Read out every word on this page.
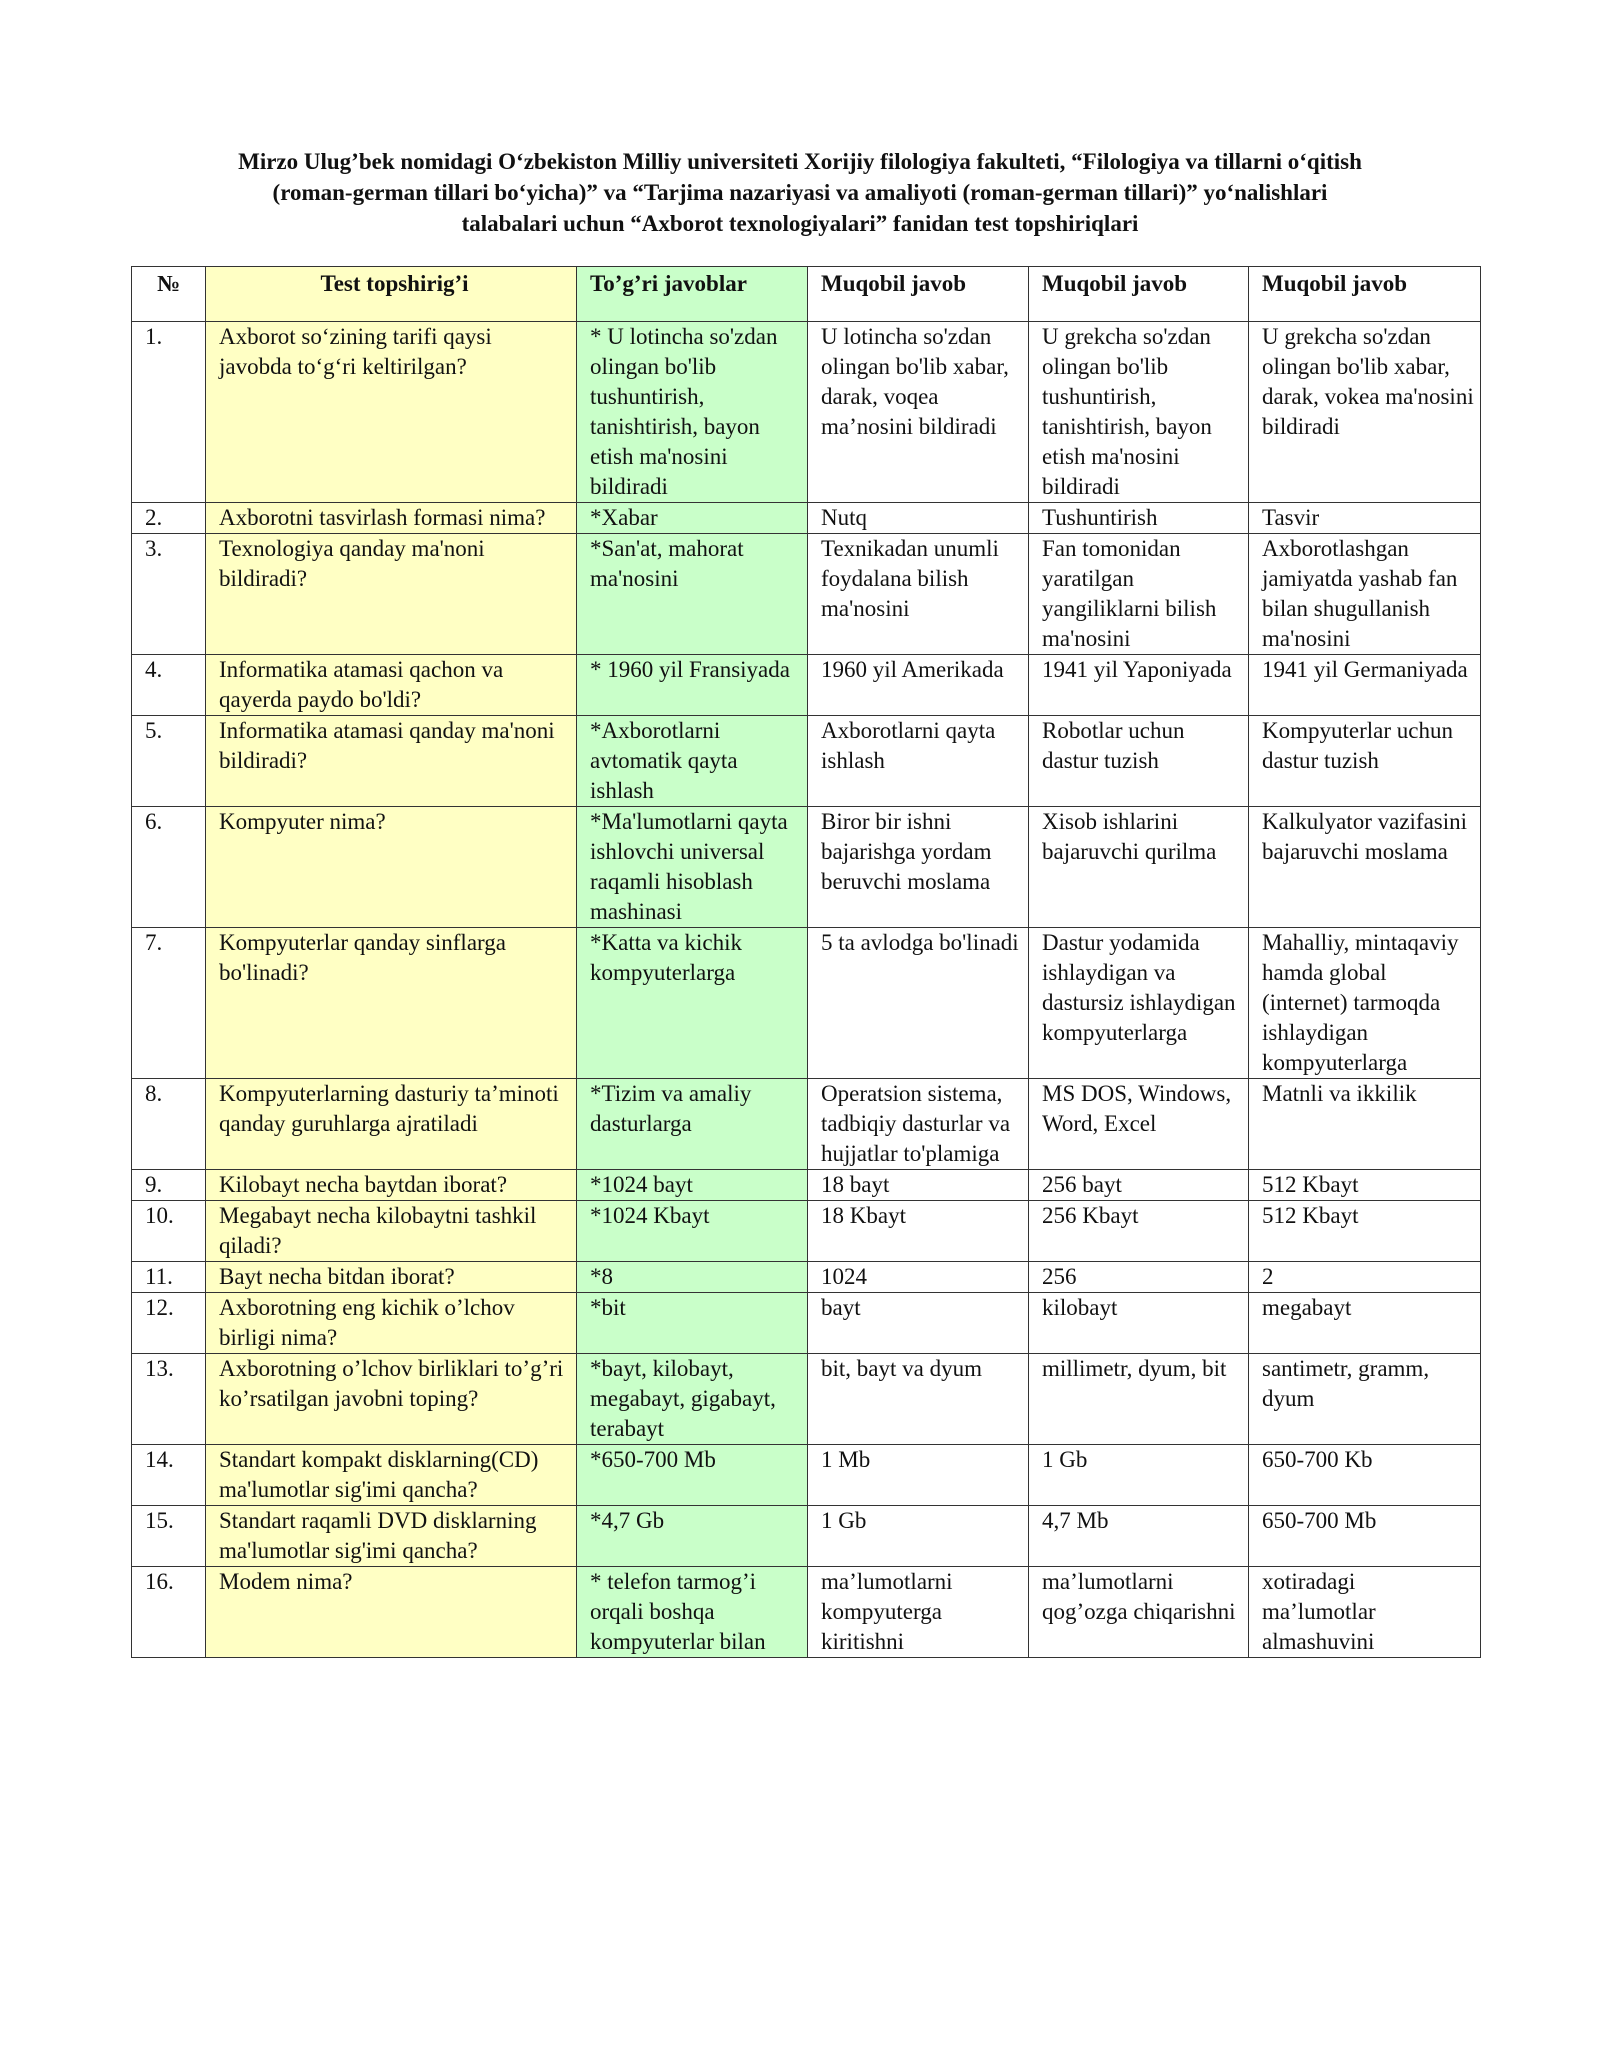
Mirzo Ulug’bek nomidagi O‘zbekiston Milliy universiteti Xorijiy filologiya fakulteti, “Filologiya va tillarni o‘qitish
(roman-german tillari bo‘yicha)” va “Tarjima nazariyasi va amaliyoti (roman-german tillari)” yo‘nalishlari
talabalari uchun “Axborot texnologiyalari” fanidan test topshiriqlari
№	Test topshirig’i	To’g’ri javoblar	Muqobil javob	Muqobil javob	Muqobil javob
1.	Axborot so‘zining tarifi qaysi javobda to‘g‘ri keltirilgan?	* U lotincha so'zdan olingan bo'lib tushuntirish, tanishtirish, bayon etish ma'nosini bildiradi	U lotincha so'zdan olingan bo'lib xabar, darak, voqea ma’nosini bildiradi	U grekcha so'zdan olingan bo'lib tushuntirish, tanishtirish, bayon etish ma'nosini bildiradi	U grekcha so'zdan olingan bo'lib xabar, darak, vokea ma'nosini bildiradi
2.	Axborotni tasvirlash formasi nima?	*Xabar	Nutq	Tushuntirish	Tasvir
3.	Texnologiya qanday ma'noni bildiradi?	*San'at, mahorat ma'nosini	Texnikadan unumli foydalana bilish ma'nosini	Fan tomonidan yaratilgan yangiliklarni bilish ma'nosini	Axborotlashgan jamiyatda yashab fan bilan shugullanish ma'nosini
4.	Informatika atamasi qachon va qayerda paydo bo'ldi?	* 1960 yil Fransiyada	1960 yil Amerikada	1941 yil Yaponiyada	1941 yil Germaniyada
5.	Informatika atamasi qanday ma'noni bildiradi?	*Axborotlarni avtomatik qayta ishlash	Axborotlarni qayta ishlash	Robotlar uchun dastur tuzish	Kompyuterlar uchun dastur tuzish
6.	Kompyuter nima?	*Ma'lumotlarni qayta ishlovchi universal raqamli hisoblash mashinasi	Biror bir ishni bajarishga yordam beruvchi moslama	Xisob ishlarini bajaruvchi qurilma	Kalkulyator vazifasini bajaruvchi moslama
7.	Kompyuterlar qanday sinflarga bo'linadi?	*Katta va kichik kompyuterlarga	5 ta avlodga bo'linadi	Dastur yodamida ishlaydigan va dastursiz ishlaydigan kompyuterlarga	Mahalliy, mintaqaviy hamda global (internet) tarmoqda ishlaydigan kompyuterlarga
8.	Kompyuterlarning dasturiy ta’minoti qanday guruhlarga ajratiladi	*Tizim va amaliy dasturlarga	Operatsion sistema, tadbiqiy dasturlar va hujjatlar to'plamiga	MS DOS, Windows, Word, Excel	Matnli va ikkilik
9.	Kilobayt necha baytdan iborat?	*1024 bayt	18 bayt	256 bayt	512 Kbayt
10.	Megabayt necha kilobaytni tashkil qiladi?	*1024 Kbayt	18 Kbayt	256 Kbayt	512 Kbayt
11.	Bayt necha bitdan iborat?	*8	1024	256	2
12.	Axborotning eng kichik o’lchov birligi nima?	*bit	bayt	kilobayt	megabayt
13.	Axborotning o’lchov birliklari to’g’ri ko’rsatilgan javobni toping?	*bayt, kilobayt, megabayt, gigabayt, terabayt	bit, bayt va dyum	millimetr, dyum, bit	santimetr, gramm, dyum
14.	Standart kompakt disklarning(CD) ma'lumotlar sig'imi qancha?	*650-700 Mb	1 Mb	1 Gb	650-700 Kb
15.	Standart raqamli DVD disklarning ma'lumotlar sig'imi qancha?	*4,7 Gb	1 Gb	4,7 Mb	650-700 Mb
16.	Modem nima?	* telefon tarmog’i orqali boshqa kompyuterlar bilan	ma’lumotlarni kompyuterga kiritishni	ma’lumotlarni qog’ozga chiqarishni	xotiradagi ma’lumotlar almashuvini
